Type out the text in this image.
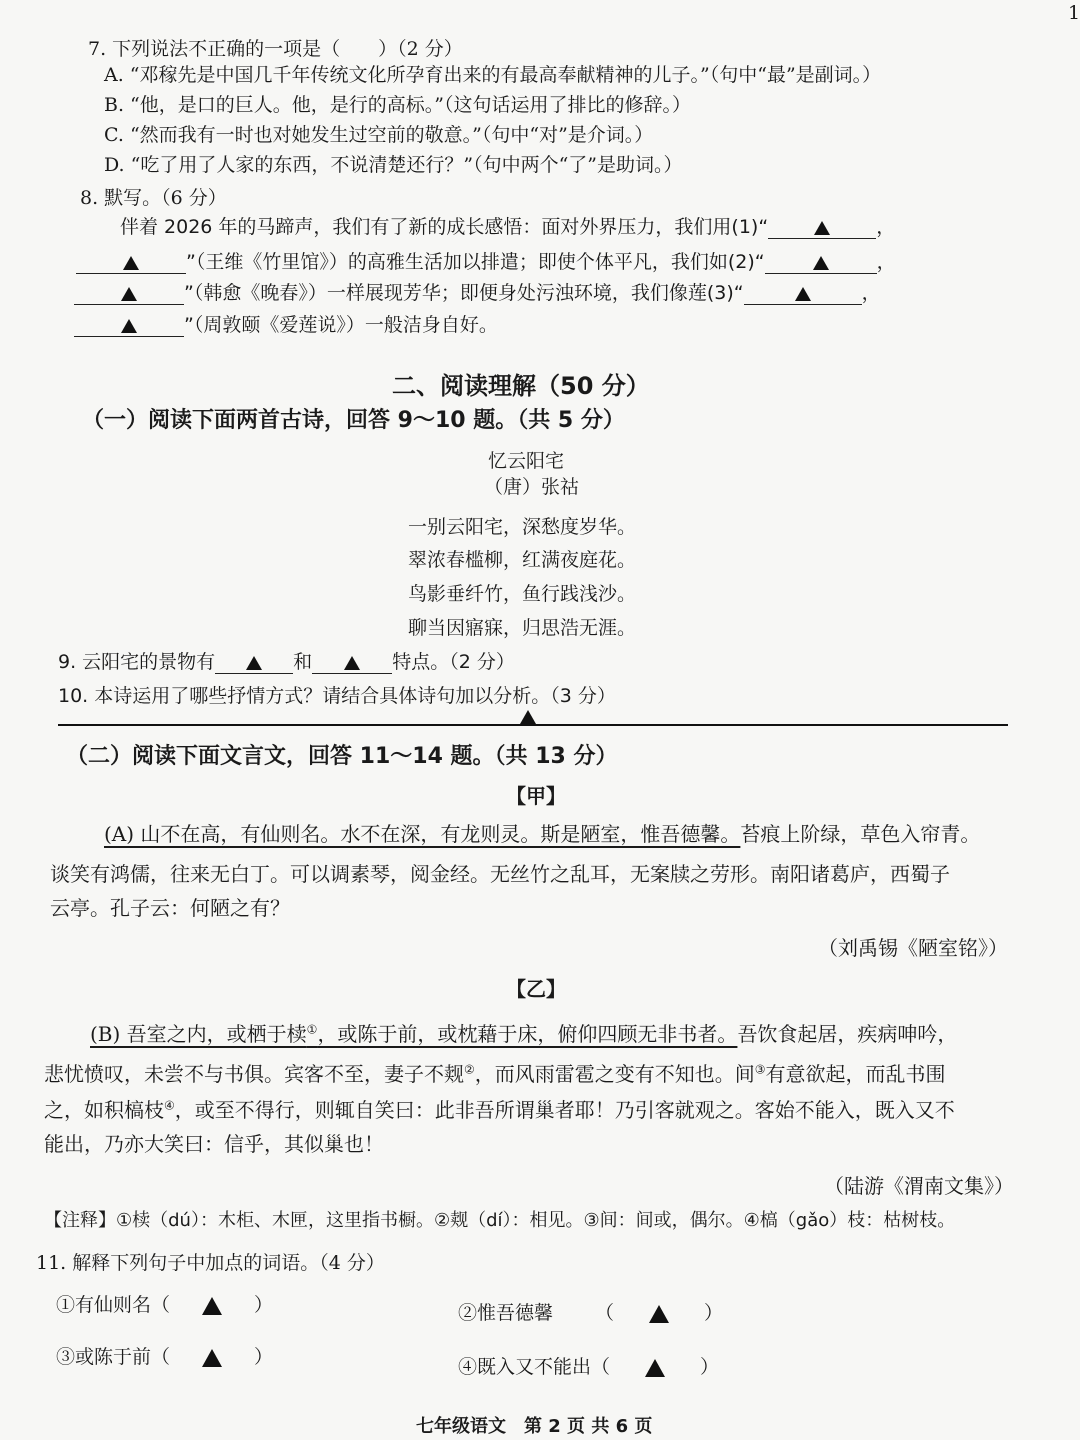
1
7. 下列说法不正确的一项是（　　）（2 分）
A. “邓稼先是中国几千年传统文化所孕育出来的有最高奉献精神的儿子。”（句中“最”是副词。）
B. “他，是口的巨人。他，是行的高标。”（这句话运用了排比的修辞。）
C. “然而我有一时也对她发生过空前的敬意。”（句中“对”是介词。）
D. “吃了用了人家的东西，不说清楚还行？”（句中两个“了”是助词。）
8. 默写。（6 分）
伴着 2026 年的马蹄声，我们有了新的成长感悟：面对外界压力，我们用(1)“	，
”（王维《竹里馆》）的高雅生活加以排遣；即使个体平凡，我们如(2)“	，
”（韩愈《晚春》）一样展现芳华；即便身处污浊环境，我们像莲(3)“	，
”（周敦颐《爱莲说》）一般洁身自好。
二、阅读理解（50 分）
（一）阅读下面两首古诗，回答 9～10 题。（共 5 分）
忆云阳宅
（唐）张祜
一别云阳宅，深愁度岁华。
翠浓春槛柳，红满夜庭花。
鸟影垂纤竹，鱼行践浅沙。
聊当因寤寐，归思浩无涯。
9. 云阳宅的景物有	和	特点。（2 分）
10. 本诗运用了哪些抒情方式？请结合具体诗句加以分析。（3 分）
（二）阅读下面文言文，回答 11～14 题。（共 13 分）
【甲】
(A) 山不在高，有仙则名。水不在深，有龙则灵。斯是陋室，惟吾德馨。苔痕上阶绿，草色入帘青。
谈笑有鸿儒，往来无白丁。可以调素琴，阅金经。无丝竹之乱耳，无案牍之劳形。南阳诸葛庐，西蜀子
云亭。孔子云：何陋之有？
（刘禹锡《陋室铭》）
【乙】
(B) 吾室之内，或栖于椟①，或陈于前，或枕藉于床，俯仰四顾无非书者。吾饮食起居，疾病呻吟，
悲忧愤叹，未尝不与书俱。宾客不至，妻子不觌②，而风雨雷雹之变有不知也。间③有意欲起，而乱书围
之，如积槁枝④，或至不得行，则辄自笑曰：此非吾所谓巢者耶！乃引客就观之。客始不能入，既入又不
能出，乃亦大笑曰：信乎，其似巢也！
（陆游《渭南文集》）
【注释】①椟（dú）：木柜、木匣，这里指书橱。②觌（dí）：相见。③间：间或，偶尔。④槁（gǎo）枝：枯树枝。
11. 解释下列句子中加点的词语。（4 分）
①有仙则名（	）	②惟吾德馨 （	）
③或陈于前（	）	④既入又不能出（	）
七年级语文　第 2 页 共 6 页
